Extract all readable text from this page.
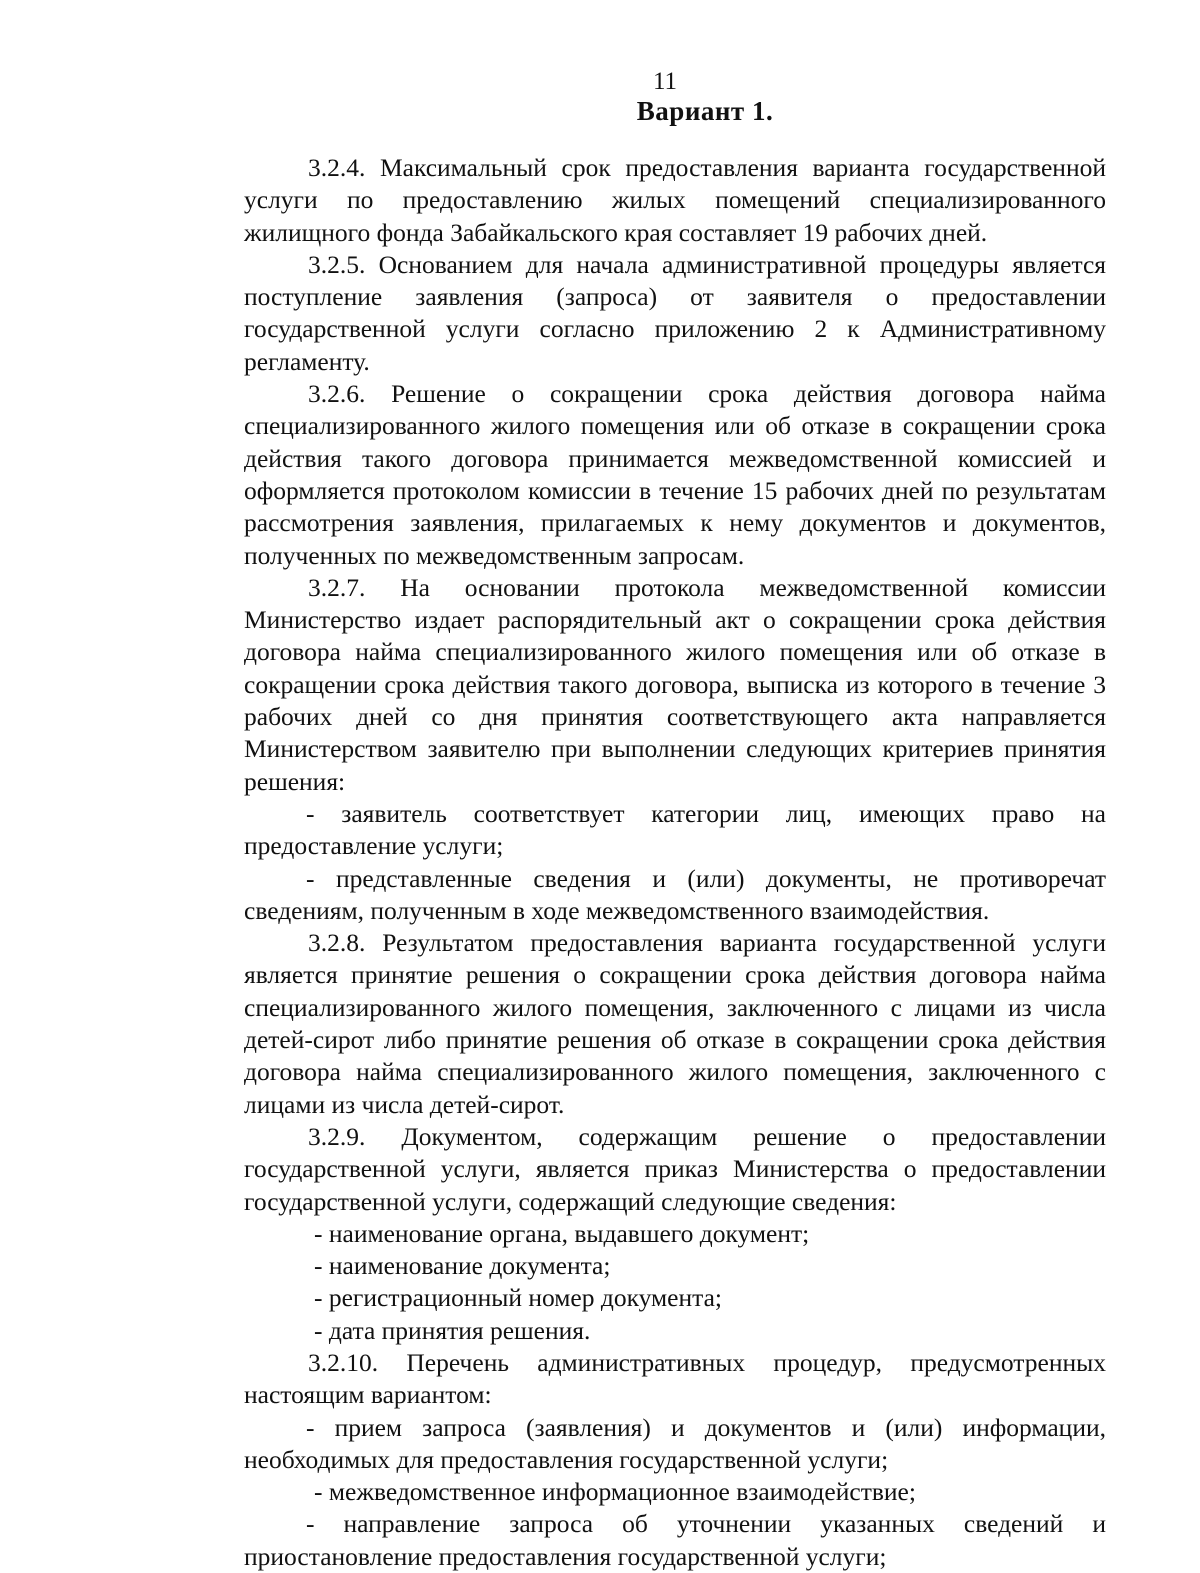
11
Вариант 1.

3.2.4. Максимальный срок предоставления варианта государственной услуги по предоставлению жилых помещений специализированного жилищного фонда Забайкальского края составляет 19 рабочих дней.

3.2.5. Основанием для начала административной процедуры является поступление заявления (запроса) от заявителя о предоставлении государственной услуги согласно приложению 2 к Административному регламенту.

3.2.6. Решение о сокращении срока действия договора найма специализированного жилого помещения или об отказе в сокращении срока действия такого договора принимается межведомственной комиссией и оформляется протоколом комиссии в течение 15 рабочих дней по результатам рассмотрения заявления, прилагаемых к нему документов и документов, полученных по межведомственным запросам.

3.2.7. На основании протокола межведомственной комиссии Министерство издает распорядительный акт о сокращении срока действия договора найма специализированного жилого помещения или об отказе в сокращении срока действия такого договора, выписка из которого в течение 3 рабочих дней со дня принятия соответствующего акта направляется Министерством заявителю при выполнении следующих критериев принятия решения:

- заявитель соответствует категории лиц, имеющих право на предоставление услуги;

- представленные сведения и (или) документы, не противоречат сведениям, полученным в ходе межведомственного взаимодействия.

3.2.8. Результатом предоставления варианта государственной услуги является принятие решения о сокращении срока действия договора найма специализированного жилого помещения, заключенного с лицами из числа детей-сирот либо принятие решения об отказе в сокращении срока действия договора найма специализированного жилого помещения, заключенного с лицами из числа детей-сирот.

3.2.9. Документом, содержащим решение о предоставлении государственной услуги, является приказ Министерства о предоставлении государственной услуги, содержащий следующие сведения:

- наименование органа, выдавшего документ;

- наименование документа;

- регистрационный номер документа;

- дата принятия решения.

3.2.10. Перечень административных процедур, предусмотренных настоящим вариантом:

- прием запроса (заявления) и документов и (или) информации, необходимых для предоставления государственной услуги;

- межведомственное информационное взаимодействие;

- направление запроса об уточнении указанных сведений и приостановление предоставления государственной услуги;
